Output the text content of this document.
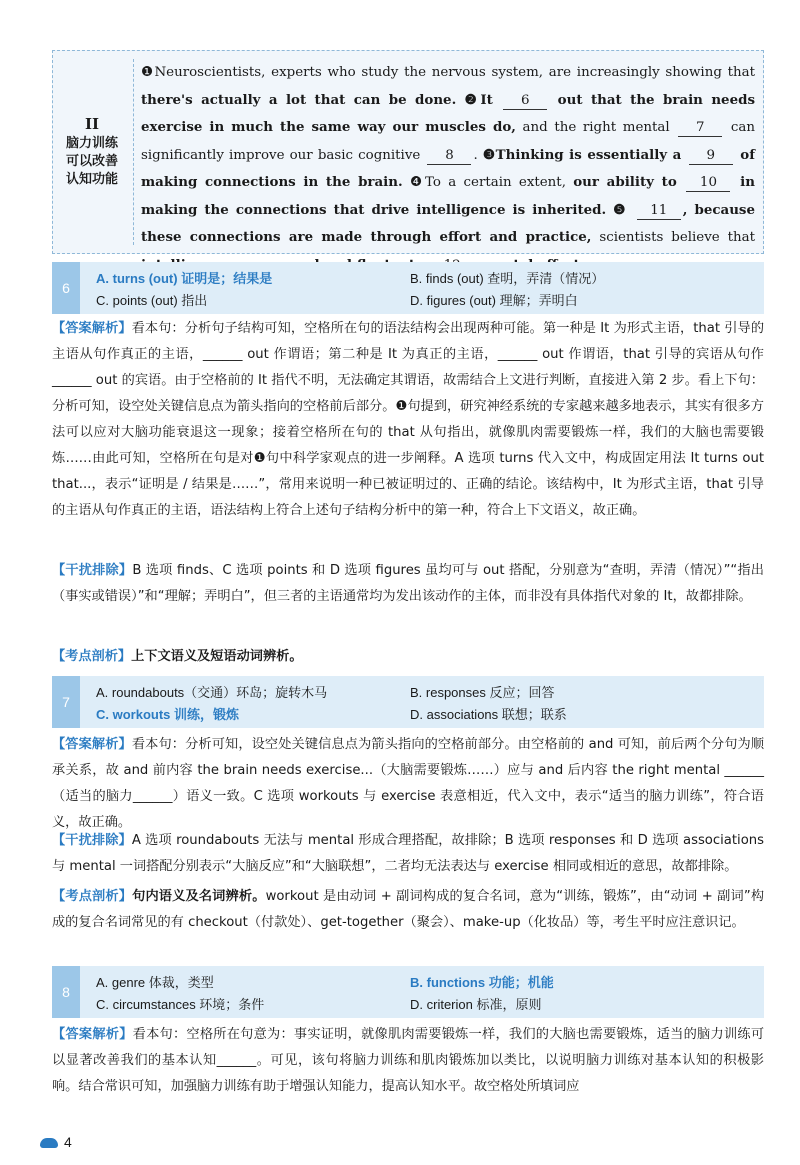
II
脑力训练
可以改善
认知功能
❶Neuroscientists, experts who study the nervous system, are increasingly showing that there's actually a lot that can be done. ❷It 6 out that the brain needs exercise in much the same way our muscles do, and the right mental 7 can significantly improve our basic cognitive 8 . ❸Thinking is essentially a 9 of making connections in the brain. ❹To a certain extent, our ability to 10 in making the connections that drive intelligence is inherited. ❺ 11 , because these connections are made through effort and practice, scientists believe that
6
A. turns (out) 证明是；结果是	B. finds (out) 查明，弄清（情况）
C. points (out) 指出	D. figures (out) 理解；弄明白
【答案解析】看本句：分析句子结构可知，空格所在句的语法结构会出现两种可能。第一种是 It 为形式主语，that 引导的主语从句作真正的主语，______ out 作谓语；第二种是 It 为真正的主语，______ out 作谓语，that 引导的宾语从句作______ out 的宾语。由于空格前的 It 指代不明，无法确定其谓语，故需结合上文进行判断，直接进入第 2 步。看上下句：分析可知，设空处关键信息点为箭头指向的空格前后部分。❶句提到，研究神经系统的专家越来越多地表示，其实有很多方法可以应对大脑功能衰退这一现象；接着空格所在句的 that 从句指出，就像肌肉需要锻炼一样，我们的大脑也需要锻炼……由此可知，空格所在句是对❶句中科学家观点的进一步阐释。A 选项 turns 代入文中，构成固定用法 It turns out that...，表示“证明是 / 结果是……”，常用来说明一种已被证明过的、正确的结论。该结构中，It 为形式主语，that 引导的主语从句作真正的主语，语法结构上符合上述句子结构分析中的第一种，符合上下文语义，故正确。
【干扰排除】B 选项 finds、C 选项 points 和 D 选项 figures 虽均可与 out 搭配，分别意为“查明，弄清（情况）”“指出（事实或错误）”和“理解；弄明白”，但三者的主语通常均为发出该动作的主体，而非没有具体指代对象的 It，故都排除。
【考点剖析】上下文语义及短语动词辨析。
7
A. roundabouts（交通）环岛；旋转木马	B. responses 反应；回答
C. workouts 训练，锻炼	D. associations 联想；联系
【答案解析】看本句：分析可知，设空处关键信息点为箭头指向的空格前部分。由空格前的 and 可知，前后两个分句为顺承关系，故 and 前内容 the brain needs exercise...（大脑需要锻炼……）应与 and 后内容 the right mental ______（适当的脑力______）语义一致。C 选项 workouts 与 exercise 表意相近，代入文中，表示“适当的脑力训练”，符合语义，故正确。
【干扰排除】A 选项 roundabouts 无法与 mental 形成合理搭配，故排除；B 选项 responses 和 D 选项 associations 与 mental 一词搭配分别表示“大脑反应”和“大脑联想”，二者均无法表达与 exercise 相同或相近的意思，故都排除。
【考点剖析】句内语义及名词辨析。workout 是由动词 + 副词构成的复合名词，意为“训练，锻炼”，由“动词 + 副词”构成的复合名词常见的有 checkout（付款处）、get-together（聚会）、make-up（化妆品）等，考生平时应注意识记。
8
A. genre 体裁，类型	B. functions 功能；机能
C. circumstances 环境；条件	D. criterion 标准，原则
【答案解析】看本句：空格所在句意为：事实证明，就像肌肉需要锻炼一样，我们的大脑也需要锻炼，适当的脑力训练可以显著改善我们的基本认知______。可见，该句将脑力训练和肌肉锻炼加以类比，以说明脑力训练对基本认知的积极影响。结合常识可知，加强脑力训练有助于增强认知能力，提高认知水平。故空格处所填词应
4
